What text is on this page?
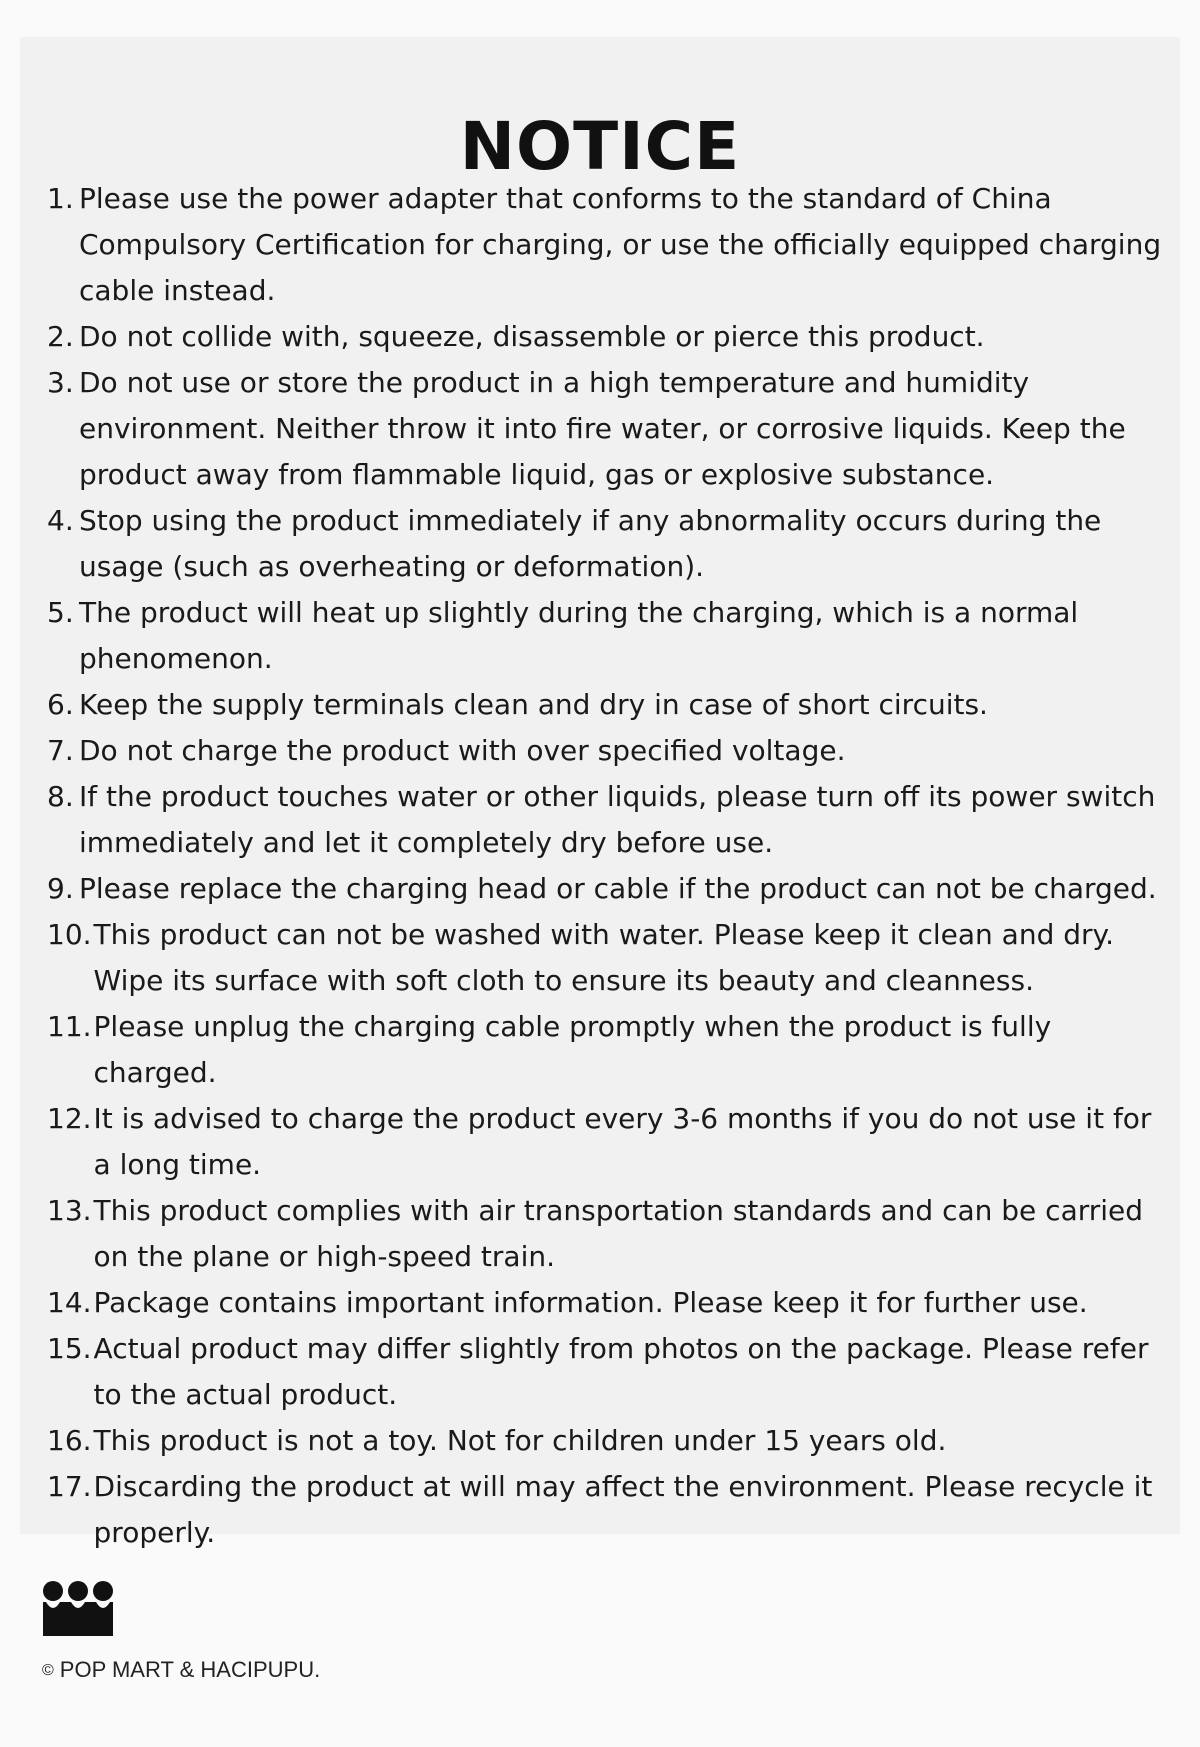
NOTICE
1. Please use the power adapter that conforms to the standard of China Compulsory Certification for charging, or use the officially equipped charging cable instead.
2. Do not collide with, squeeze, disassemble or pierce this product.
3. Do not use or store the product in a high temperature and humidity environment. Neither throw it into fire water, or corrosive liquids. Keep the product away from flammable liquid, gas or explosive substance.
4. Stop using the product immediately if any abnormality occurs during the usage (such as overheating or deformation).
5. The product will heat up slightly during the charging, which is a normal phenomenon.
6. Keep the supply terminals clean and dry in case of short circuits.
7. Do not charge the product with over specified voltage.
8. If the product touches water or other liquids, please turn off its power switch immediately and let it completely dry before use.
9. Please replace the charging head or cable if the product can not be charged.
10. This product can not be washed with water. Please keep it clean and dry. Wipe its surface with soft cloth to ensure its beauty and cleanness.
11. Please unplug the charging cable promptly when the product is fully charged.
12. It is advised to charge the product every 3-6 months if you do not use it for a long time.
13. This product complies with air transportation standards and can be carried on the plane or high-speed train.
14. Package contains important information. Please keep it for further use.
15. Actual product may differ slightly from photos on the package. Please refer to the actual product.
16. This product is not a toy. Not for children under 15 years old.
17. Discarding the product at will may affect the environment. Please recycle it properly.
© POP MART & HACIPUPU.
